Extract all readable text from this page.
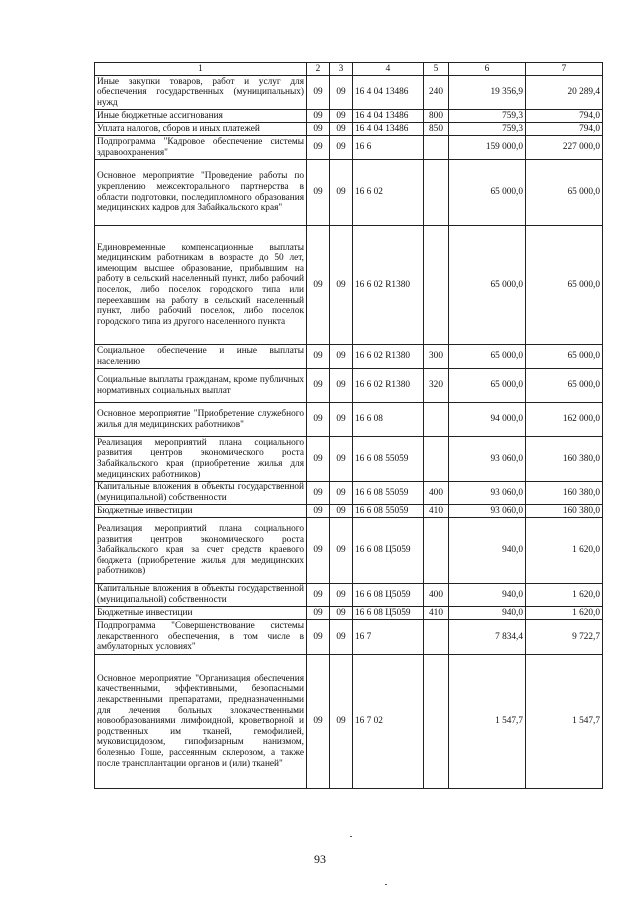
1	2	3	4	5	6	7
Иные закупки товаров, работ и услуг для обеспечения государственных (муниципальных) нужд	09	09	16 4 04 13486	240	19 356,9	20 289,4
Иные бюджетные ассигнования	09	09	16 4 04 13486	800	759,3	794,0
Уплата налогов, сборов и иных платежей	09	09	16 4 04 13486	850	759,3	794,0
Подпрограмма "Кадровое обеспечение системы здравоохранения"	09	09	16 6		159 000,0	227 000,0
Основное мероприятие "Проведение работы по укреплению межсекторального партнерства в области подготовки, последипломного образования медицинских кадров для Забайкальского края"	09	09	16 6 02		65 000,0	65 000,0
Единовременные компенсационные выплаты медицинским работникам в возрасте до 50 лет, имеющим высшее образование, прибывшим на работу в сельский населенный пункт, либо рабочий поселок, либо поселок городского типа или переехавшим на работу в сельский населенный пункт, либо рабочий поселок, либо поселок городского типа из другого населенного пункта	09	09	16 6 02 R1380		65 000,0	65 000,0
Социальное обеспечение и иные выплаты населению	09	09	16 6 02 R1380	300	65 000,0	65 000,0
Социальные выплаты гражданам, кроме публичных нормативных социальных выплат	09	09	16 6 02 R1380	320	65 000,0	65 000,0
Основное мероприятие "Приобретение служебного жилья для медицинских работников"	09	09	16 6 08		94 000,0	162 000,0
Реализация мероприятий плана социального развития центров экономического роста Забайкальского края (приобретение жилья для медицинских работников)	09	09	16 6 08 55059		93 060,0	160 380,0
Капитальные вложения в объекты государственной (муниципальной) собственности	09	09	16 6 08 55059	400	93 060,0	160 380,0
Бюджетные инвестиции	09	09	16 6 08 55059	410	93 060,0	160 380,0
Реализация мероприятий плана социального развития центров экономического роста Забайкальского края за счет средств краевого бюджета (приобретение жилья для медицинских работников)	09	09	16 6 08 Ц5059		940,0	1 620,0
Капитальные вложения в объекты государственной (муниципальной) собственности	09	09	16 6 08 Ц5059	400	940,0	1 620,0
Бюджетные инвестиции	09	09	16 6 08 Ц5059	410	940,0	1 620,0
Подпрограмма "Совершенствование системы лекарственного обеспечения, в том числе в амбулаторных условиях"	09	09	16 7		7 834,4	9 722,7
Основное мероприятие "Организация обеспечения качественными, эффективными, безопасными лекарственными препаратами, предназначенными для лечения больных злокачественными новообразованиями лимфоидной, кроветворной и родственных им тканей, гемофилией, муковисцидозом, гипофизарным нанизмом, болезнью Гоше, рассеянным склерозом, а также после трансплантации органов и (или) тканей"	09	09	16 7 02		1 547,7	1 547,7
93
